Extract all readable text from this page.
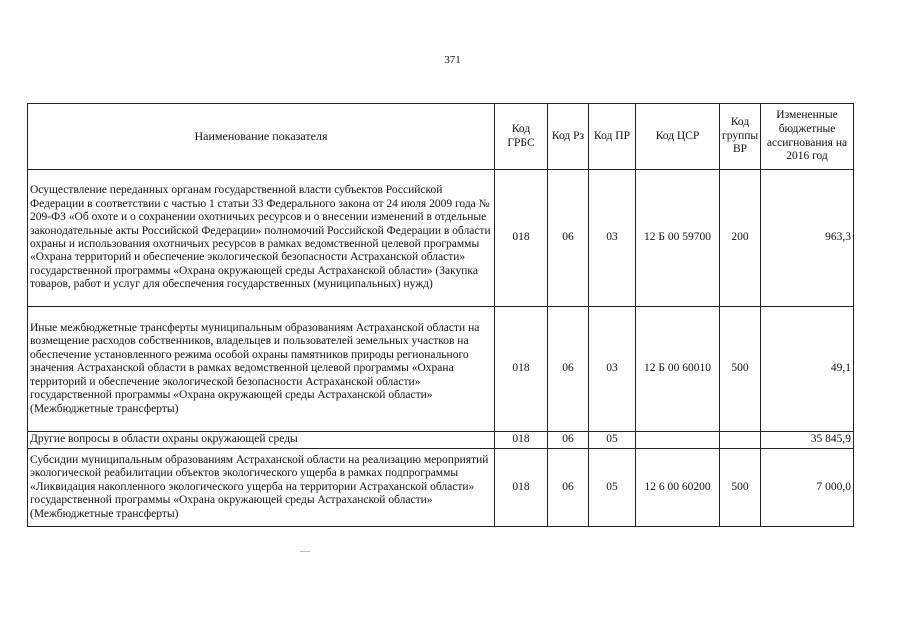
371
Наименование показателя	Код ГРБС	Код Рз	Код ПР	Код ЦСР	Код группы ВР	Измененные бюджетные ассигнования на 2016 год
Осуществление переданных органам государственной власти субъектов Российской Федерации в соответствии с частью 1 статьи 33 Федерального закона от 24 июля 2009 года № 209-ФЗ «Об охоте и о сохранении охотничьих ресурсов и о внесении изменений в отдельные законодательные акты Российской Федерации» полномочий Российской Федерации в области охраны и использования охотничьих ресурсов в рамках ведомственной целевой программы «Охрана территорий и обеспечение экологической безопасности Астраханской области» государственной программы «Охрана окружающей среды Астраханской области» (Закупка товаров, работ и услуг для обеспечения государственных (муниципальных) нужд)	018	06	03	12 Б 00 59700	200	963,3
Иные межбюджетные трансферты муниципальным образованиям Астраханской области на возмещение расходов собственников, владельцев и пользователей земельных участков на обеспечение установленного режима особой охраны памятников природы регионального значения Астраханской области в рамках ведомственной целевой программы «Охрана территорий и обеспечение экологической безопасности Астраханской области» государственной программы «Охрана окружающей среды Астраханской области» (Межбюджетные трансферты)	018	06	03	12 Б 00 60010	500	49,1
Другие вопросы в области охраны окружающей среды	018	06	05			35 845,9
Субсидии муниципальным образованиям Астраханской области на реализацию мероприятий экологической реабилитации объектов экологического ущерба в рамках подпрограммы «Ликвидация накопленного экологического ущерба на территории Астраханской области» государственной программы «Охрана окружающей среды Астраханской области» (Межбюджетные трансферты)	018	06	05	12 6 00 60200	500	7 000,0
